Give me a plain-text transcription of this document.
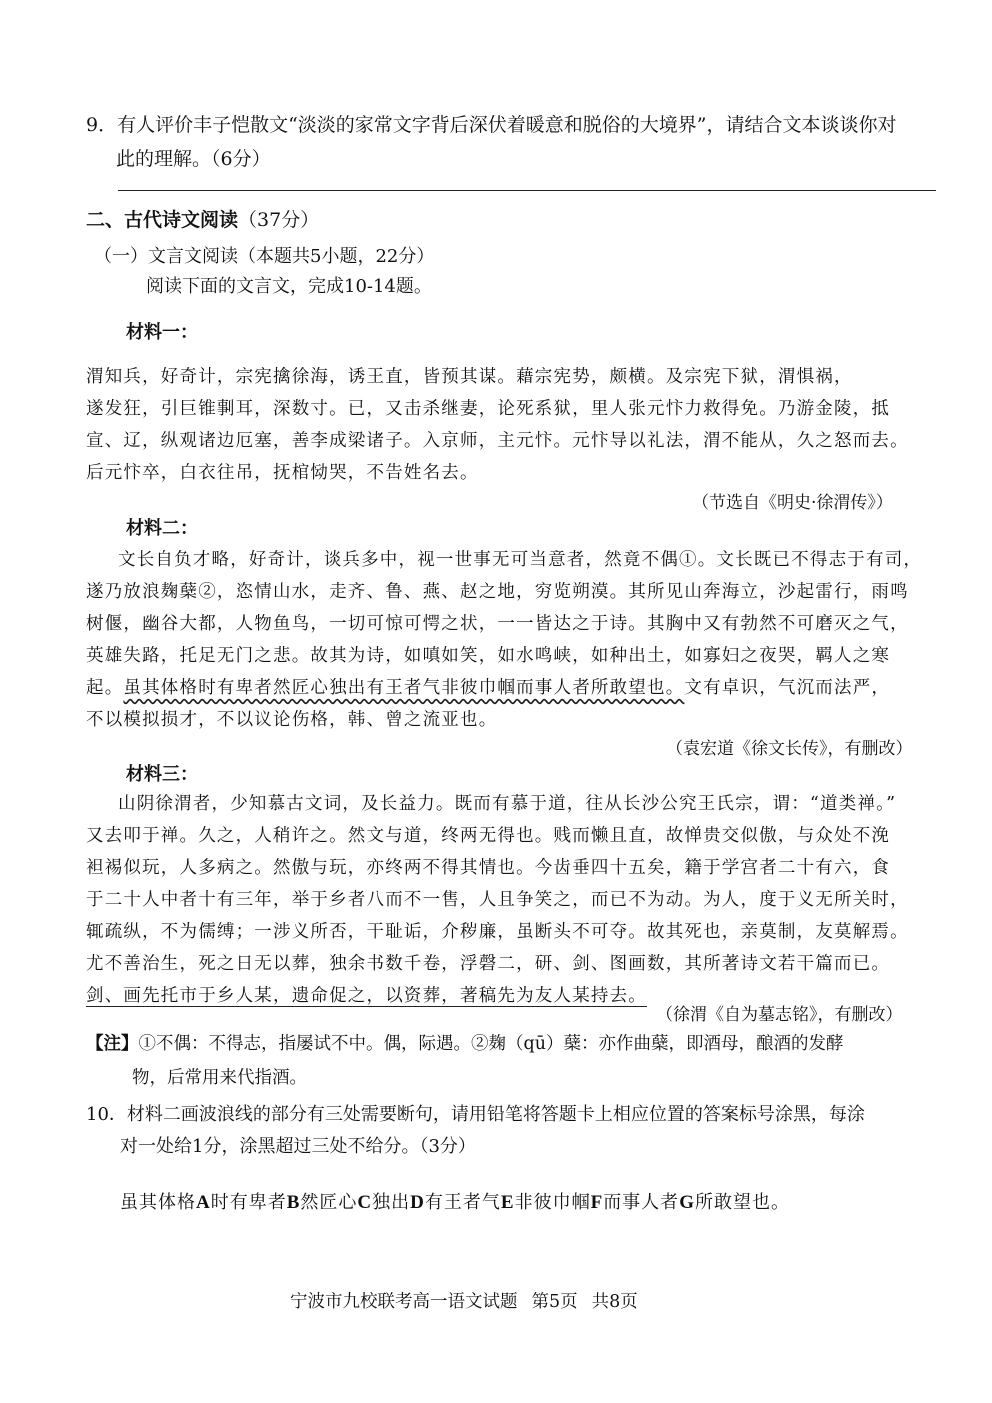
9．有人评价丰子恺散文“淡淡的家常文字背后深伏着暖意和脱俗的大境界”，请结合文本谈谈你对
此的理解。（6分）
二、古代诗文阅读（37分）
（一）文言文阅读（本题共5小题，22分）
阅读下面的文言文，完成10-14题。
材料一：
渭知兵，好奇计，宗宪擒徐海，诱王直，皆预其谋。藉宗宪势，颇横。及宗宪下狱，渭惧祸，
遂发狂，引巨锥剚耳，深数寸。已，又击杀继妻，论死系狱，里人张元忭力救得免。乃游金陵，抵
宣、辽，纵观诸边厄塞，善李成梁诸子。入京师，主元忭。元忭导以礼法，渭不能从，久之怒而去。
后元忭卒，白衣往吊，抚棺恸哭，不告姓名去。
（节选自《明史·徐渭传》）
材料二：
文长自负才略，好奇计，谈兵多中，视一世事无可当意者，然竟不偶①。文长既已不得志于有司，
遂乃放浪麹蘖②，恣情山水，走齐、鲁、燕、赵之地，穷览朔漠。其所见山奔海立，沙起雷行，雨鸣
树偃，幽谷大都，人物鱼鸟，一切可惊可愕之状，一一皆达之于诗。其胸中又有勃然不可磨灭之气，
英雄失路，托足无门之悲。故其为诗，如嗔如笑，如水鸣峡，如种出土，如寡妇之夜哭，羁人之寒
起。虽其体格时有卑者然匠心独出有王者气非彼巾帼而事人者所敢望也。文有卓识，气沉而法严，
不以模拟损才，不以议论伤格，韩、曾之流亚也。
（袁宏道《徐文长传》，有删改）
材料三：
山阴徐渭者，少知慕古文词，及长益力。既而有慕于道，往从长沙公究王氏宗，谓：“道类禅。”
又去叩于禅。久之，人稍许之。然文与道，终两无得也。贱而懒且直，故惮贵交似傲，与众处不浼
袒裼似玩，人多病之。然傲与玩，亦终两不得其情也。今齿垂四十五矣，籍于学宫者二十有六，食
于二十人中者十有三年，举于乡者八而不一售，人且争笑之，而已不为动。为人，度于义无所关时，
辄疏纵，不为儒缚；一涉义所否，干耻诟，介秽廉，虽断头不可夺。故其死也，亲莫制，友莫解焉。
尤不善治生，死之日无以葬，独余书数千卷，浮磬二，研、剑、图画数，其所著诗文若干篇而已。
剑、画先托市于乡人某，遗命促之，以资葬，著稿先为友人某持去。
（徐渭《自为墓志铭》，有删改）
【注】①不偶：不得志，指屡试不中。偶，际遇。②麹（qū）蘖：亦作曲蘖，即酒母，酿酒的发酵
物，后常用来代指酒。
10．材料二画波浪线的部分有三处需要断句，请用铅笔将答题卡上相应位置的答案标号涂黑，每涂
对一处给1分，涂黑超过三处不给分。（3分）
虽其体格A时有卑者B然匠心C独出D有王者气E非彼巾帼F而事人者G所敢望也。
宁波市九校联考高一语文试题 第5页 共8页
